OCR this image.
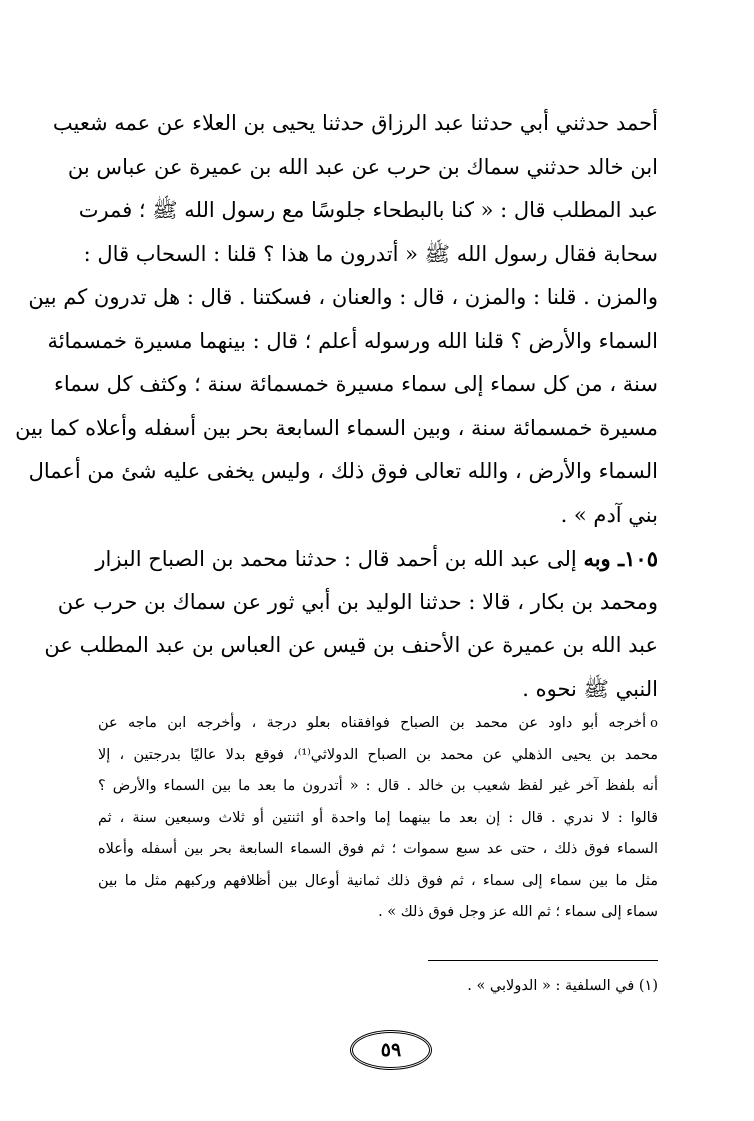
أحمد حدثني أبي حدثنا عبد الرزاق حدثنا يحيى بن العلاء عن عمه شعيب
ابن خالد حدثني سماك بن حرب عن عبد الله بن عميرة عن عباس بن
عبد المطلب قال : « كنا بالبطحاء جلوسًا مع رسول الله ﷺ ؛ فمرت
سحابة فقال رسول الله ﷺ « أتدرون ما هذا ؟ قلنا : السحاب قال :
والمزن . قلنا : والمزن ، قال : والعنان ، فسكتنا . قال : هل تدرون كم بين
السماء والأرض ؟ قلنا الله ورسوله أعلم ؛ قال : بينهما مسيرة خمسمائة
سنة ، من كل سماء إلى سماء مسيرة خمسمائة سنة ؛ وكثف كل سماء
مسيرة خمسمائة سنة ، وبين السماء السابعة بحر بين أسفله وأعلاه كما بين
السماء والأرض ، والله تعالى فوق ذلك ، وليس يخفى عليه شئ من أعمال
بني آدم » .
١٠٥ـ وبه إلى عبد الله بن أحمد قال : حدثنا محمد بن الصباح البزار
ومحمد بن بكار ، قالا : حدثنا الوليد بن أبي ثور عن سماك بن حرب عن
عبد الله بن عميرة عن الأحنف بن قيس عن العباس بن عبد المطلب عن
النبي ﷺ نحوه .
oأخرجه أبو داود عن محمد بن الصباح فوافقناه بعلو درجة ، وأخرجه ابن ماجه عن
محمد بن يحيى الذهلي عن محمد بن الصباح الدولاثي⁽¹⁾، فوقع بدلا عاليًا بدرجتين ، إلا
أنه بلفظ آخر غير لفظ شعيب بن خالد . قال : « أتدرون ما بعد ما بين السماء والأرض ؟
قالوا : لا ندري . قال : إن بعد ما بينهما إما واحدة أو اثنتين أو ثلاث وسبعين سنة ، ثم
السماء فوق ذلك ، حتى عد سبع سموات ؛ ثم فوق السماء السابعة بحر بين أسفله وأعلاه
مثل ما بين سماء إلى سماء ، ثم فوق ذلك ثمانية أوعال بين أظلافهم وركبهم مثل ما بين
سماء إلى سماء ؛ ثم الله عز وجل فوق ذلك » .
(١) في السلفية : « الدولابي » .
٥٩
